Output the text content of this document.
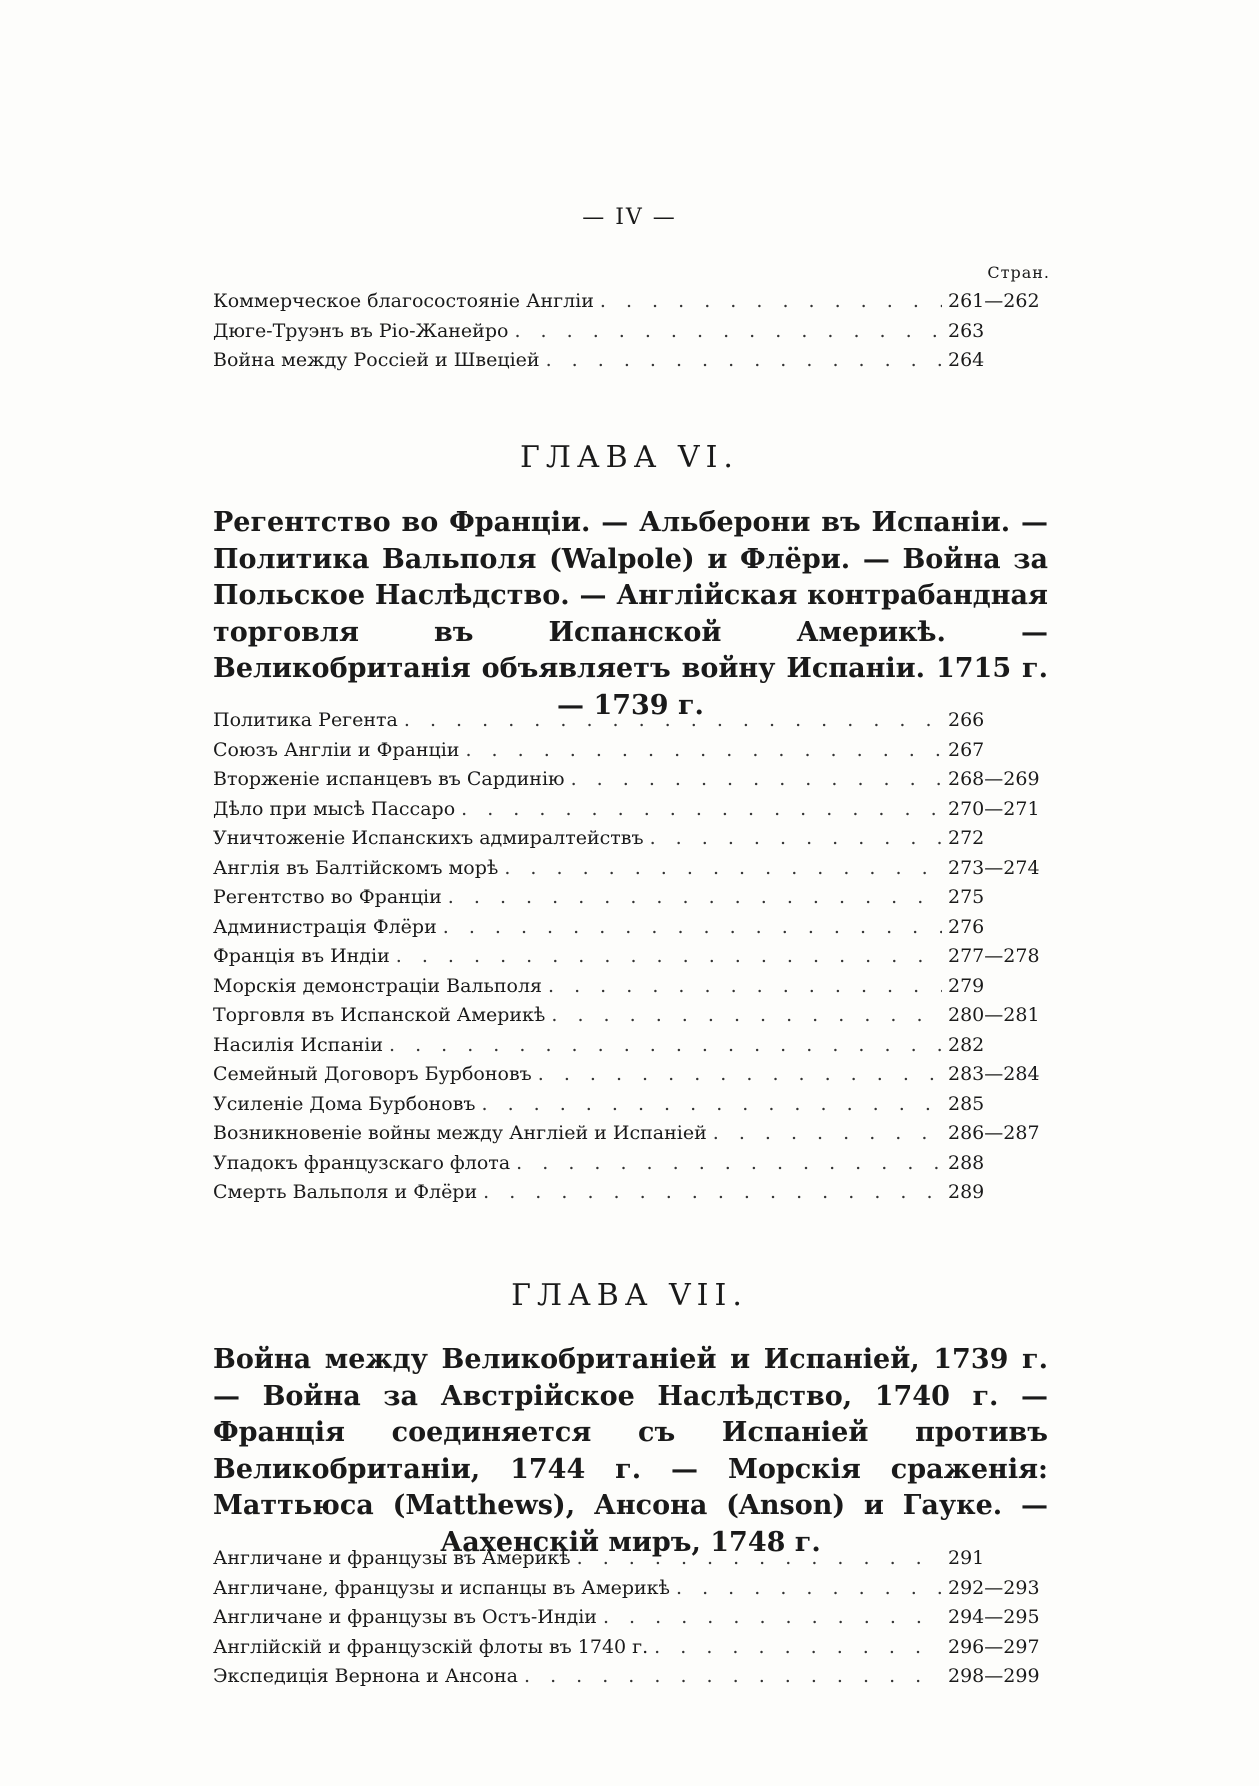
— IV —
Стран.
Коммерческое благосостояніе Англіи . . .	261—262
Дюге-Труэнъ въ Ріо-Жанейро . . .	263
Война между Россіей и Швеціей . . .	264
ГЛАВА VI.
Регентство во Франціи. — Альберони въ Испаніи. — Политика Вальполя (Walpole) и Флёри. — Война за Польское Наслѣдство. — Англійская контрабандная торговля въ Испанской Америкѣ. — Великобританія объявляетъ войну Испаніи. 1715 г. — 1739 г.
Политика Регента . . .	266
Союзъ Англіи и Франціи . . .	267
Вторженіе испанцевъ въ Сардинію . . .	268—269
Дѣло при мысѣ Пассаро . . .	270—271
Уничтоженіе Испанскихъ адмиралтействъ . . .	272
Англія въ Балтійскомъ морѣ . . .	273—274
Регентство во Франціи . . .	275
Администрація Флёри . . .	276
Франція въ Индіи . . .	277—278
Морскія демонстраціи Вальполя . . .	279
Торговля въ Испанской Америкѣ . . .	280—281
Насилія Испаніи . . .	282
Семейный Договоръ Бурбоновъ . . .	283—284
Усиленіе Дома Бурбоновъ . . .	285
Возникновеніе войны между Англіей и Испаніей . . .	286—287
Упадокъ французскаго флота . . .	288
Смерть Вальполя и Флёри . . .	289
ГЛАВА VII.
Война между Великобританіей и Испаніей, 1739 г. — Война за Австрійское Наслѣдство, 1740 г. — Франція соединяется съ Испаніей противъ Великобританіи, 1744 г. — Морскія сраженія: Маттьюса (Matthews), Ансона (Anson) и Гауке. — Аахенскій миръ, 1748 г.
Англичане и французы въ Америкѣ . . .	291
Англичане, французы и испанцы въ Америкѣ . . .	292—293
Англичане и французы въ Остъ-Индіи . . .	294—295
Англійскій и французскій флоты въ 1740 г. . . .	296—297
Экспедиція Вернона и Ансона . . .	298—299
